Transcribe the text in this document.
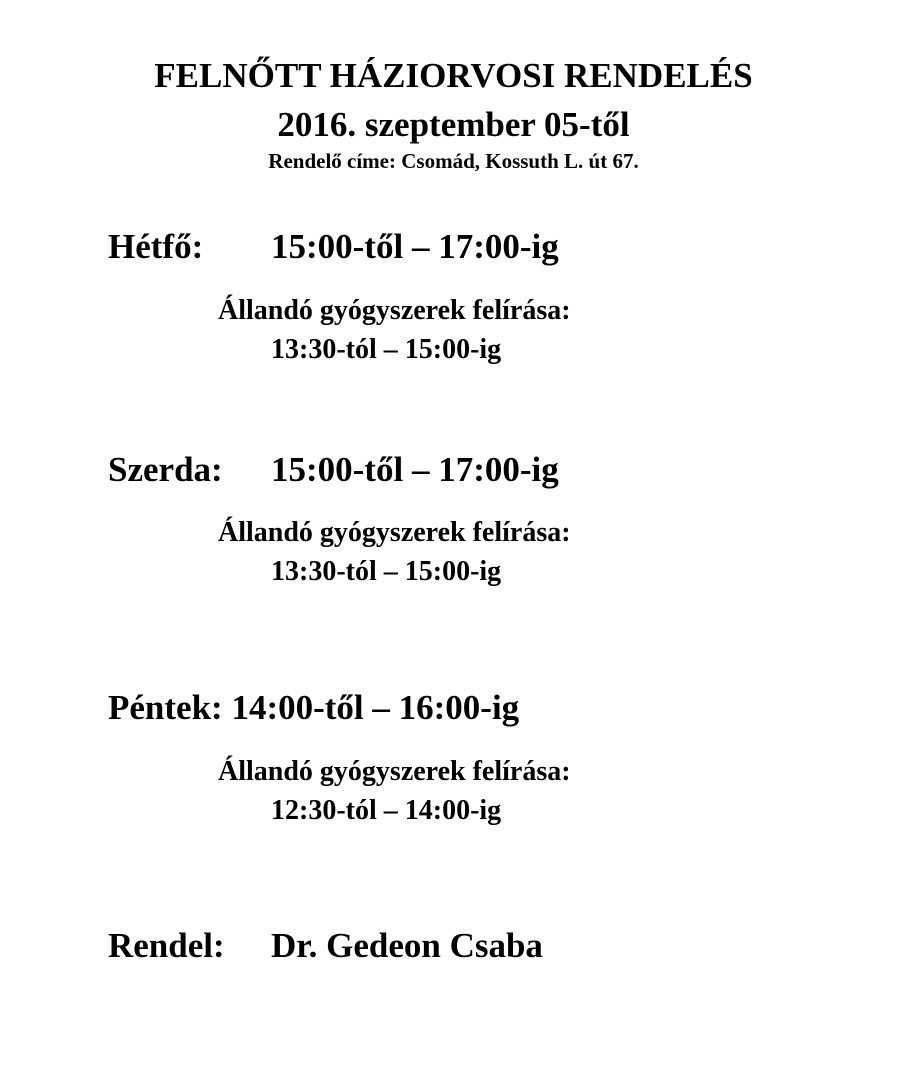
FELNŐTT HÁZIORVOSI RENDELÉS
2016. szeptember 05-től
Rendelő címe: Csomád, Kossuth L. út 67.
Hétfő: 15:00-től – 17:00-ig
Állandó gyógyszerek felírása:
13:30-tól – 15:00-ig
Szerda: 15:00-től – 17:00-ig
Állandó gyógyszerek felírása:
13:30-tól – 15:00-ig
Péntek: 14:00-től – 16:00-ig
Állandó gyógyszerek felírása:
12:30-tól – 14:00-ig
Rendel: Dr. Gedeon Csaba
